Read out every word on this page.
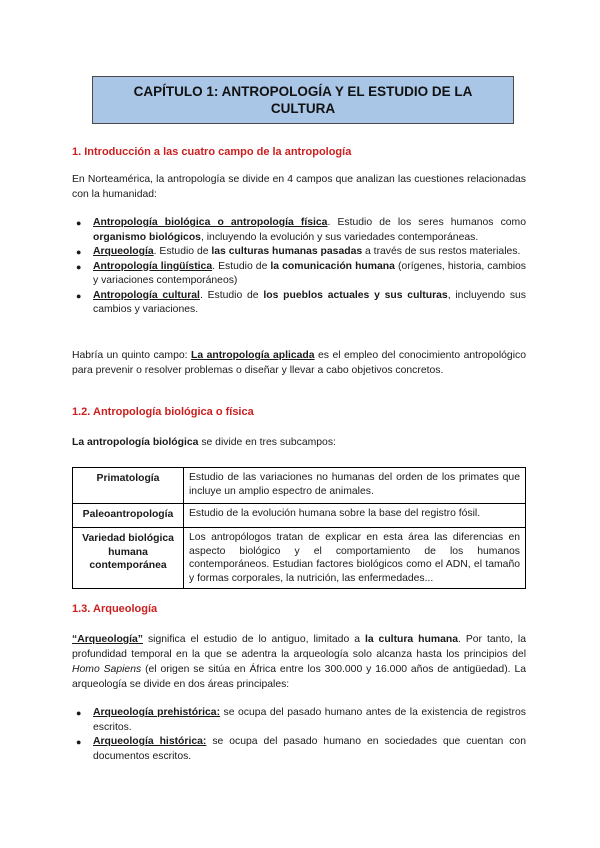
CAPÍTULO 1: ANTROPOLOGÍA Y EL ESTUDIO DE LA CULTURA
1. Introducción a las cuatro campo de la antropología
En Norteamérica, la antropología se divide en 4 campos que analizan las cuestiones relacionadas con la humanidad:
● Antropología biológica o antropología física. Estudio de los seres humanos como organismo biológicos, incluyendo la evolución y sus variedades contemporáneas.
● Arqueología. Estudio de las culturas humanas pasadas a través de sus restos materiales.
● Antropología lingüística. Estudio de la comunicación humana (orígenes, historia, cambios y variaciones contemporáneos)
● Antropología cultural. Estudio de los pueblos actuales y sus culturas, incluyendo sus cambios y variaciones.
Habría un quinto campo: La antropología aplicada es el empleo del conocimiento antropológico para prevenir o resolver problemas o diseñar y llevar a cabo objetivos concretos.
1.2. Antropología biológica o física
La antropología biológica se divide en tres subcampos:
Primatología	Estudio de las variaciones no humanas del orden de los primates que incluye un amplio espectro de animales.
Paleoantropología	Estudio de la evolución humana sobre la base del registro fósil.
Variedad biológica humana contemporánea	Los antropólogos tratan de explicar en esta área las diferencias en aspecto biológico y el comportamiento de los humanos contemporáneos. Estudian factores biológicos como el ADN, el tamaño y formas corporales, la nutrición, las enfermedades...
1.3. Arqueología
“Arqueología” significa el estudio de lo antiguo, limitado a la cultura humana. Por tanto, la profundidad temporal en la que se adentra la arqueología solo alcanza hasta los principios del Homo Sapiens (el origen se sitúa en África entre los 300.000 y 16.000 años de antigüedad). La arqueología se divide en dos áreas principales:
● Arqueología prehistórica: se ocupa del pasado humano antes de la existencia de registros escritos.
● Arqueología histórica: se ocupa del pasado humano en sociedades que cuentan con documentos escritos.
